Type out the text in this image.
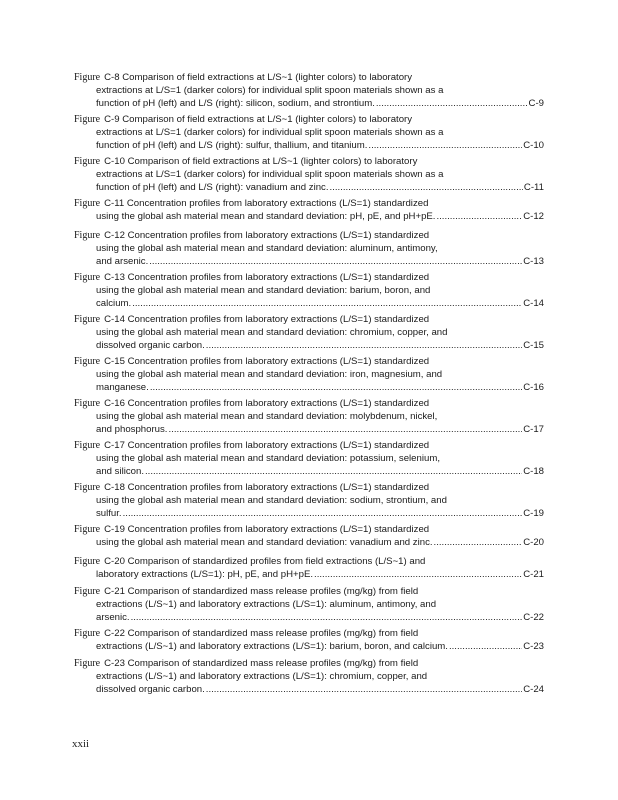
Figure C-8 Comparison of field extractions at L/S~1 (lighter colors) to laboratory
extractions at L/S=1 (darker colors) for individual split spoon materials shown as a
function of pH (left) and L/S (right): silicon, sodium, and strontium. .....	C-9
Figure C-9 Comparison of field extractions at L/S~1 (lighter colors) to laboratory
extractions at L/S=1 (darker colors) for individual split spoon materials shown as a
function of pH (left) and L/S (right): sulfur, thallium, and titanium. .....	C-10
Figure C-10 Comparison of field extractions at L/S~1 (lighter colors) to laboratory
extractions at L/S=1 (darker colors) for individual split spoon materials shown as a
function of pH (left) and L/S (right): vanadium and zinc. .....	C-11
Figure C-11 Concentration profiles from laboratory extractions (L/S=1) standardized
using the global ash material mean and standard deviation: pH, pE, and pH+pE. .....	C-12
Figure C-12 Concentration profiles from laboratory extractions (L/S=1) standardized
using the global ash material mean and standard deviation: aluminum, antimony,
and arsenic. .....	C-13
Figure C-13 Concentration profiles from laboratory extractions (L/S=1) standardized
using the global ash material mean and standard deviation: barium, boron, and
calcium. .....	C-14
Figure C-14 Concentration profiles from laboratory extractions (L/S=1) standardized
using the global ash material mean and standard deviation: chromium, copper, and
dissolved organic carbon. .....	C-15
Figure C-15 Concentration profiles from laboratory extractions (L/S=1) standardized
using the global ash material mean and standard deviation: iron, magnesium, and
manganese. .....	C-16
Figure C-16 Concentration profiles from laboratory extractions (L/S=1) standardized
using the global ash material mean and standard deviation: molybdenum, nickel,
and phosphorus. .....	C-17
Figure C-17 Concentration profiles from laboratory extractions (L/S=1) standardized
using the global ash material mean and standard deviation: potassium, selenium,
and silicon. .....	C-18
Figure C-18 Concentration profiles from laboratory extractions (L/S=1) standardized
using the global ash material mean and standard deviation: sodium, strontium, and
sulfur. .....	C-19
Figure C-19 Concentration profiles from laboratory extractions (L/S=1) standardized
using the global ash material mean and standard deviation: vanadium and zinc. .....	C-20
Figure C-20 Comparison of standardized profiles from field extractions (L/S~1) and
laboratory extractions (L/S=1): pH, pE, and pH+pE. .....	C-21
Figure C-21 Comparison of standardized mass release profiles (mg/kg) from field
extractions (L/S~1) and laboratory extractions (L/S=1): aluminum, antimony, and
arsenic. .....	C-22
Figure C-22 Comparison of standardized mass release profiles (mg/kg) from field
extractions (L/S~1) and laboratory extractions (L/S=1): barium, boron, and calcium. .....	C-23
Figure C-23 Comparison of standardized mass release profiles (mg/kg) from field
extractions (L/S~1) and laboratory extractions (L/S=1): chromium, copper, and
dissolved organic carbon. .....	C-24
xxii
